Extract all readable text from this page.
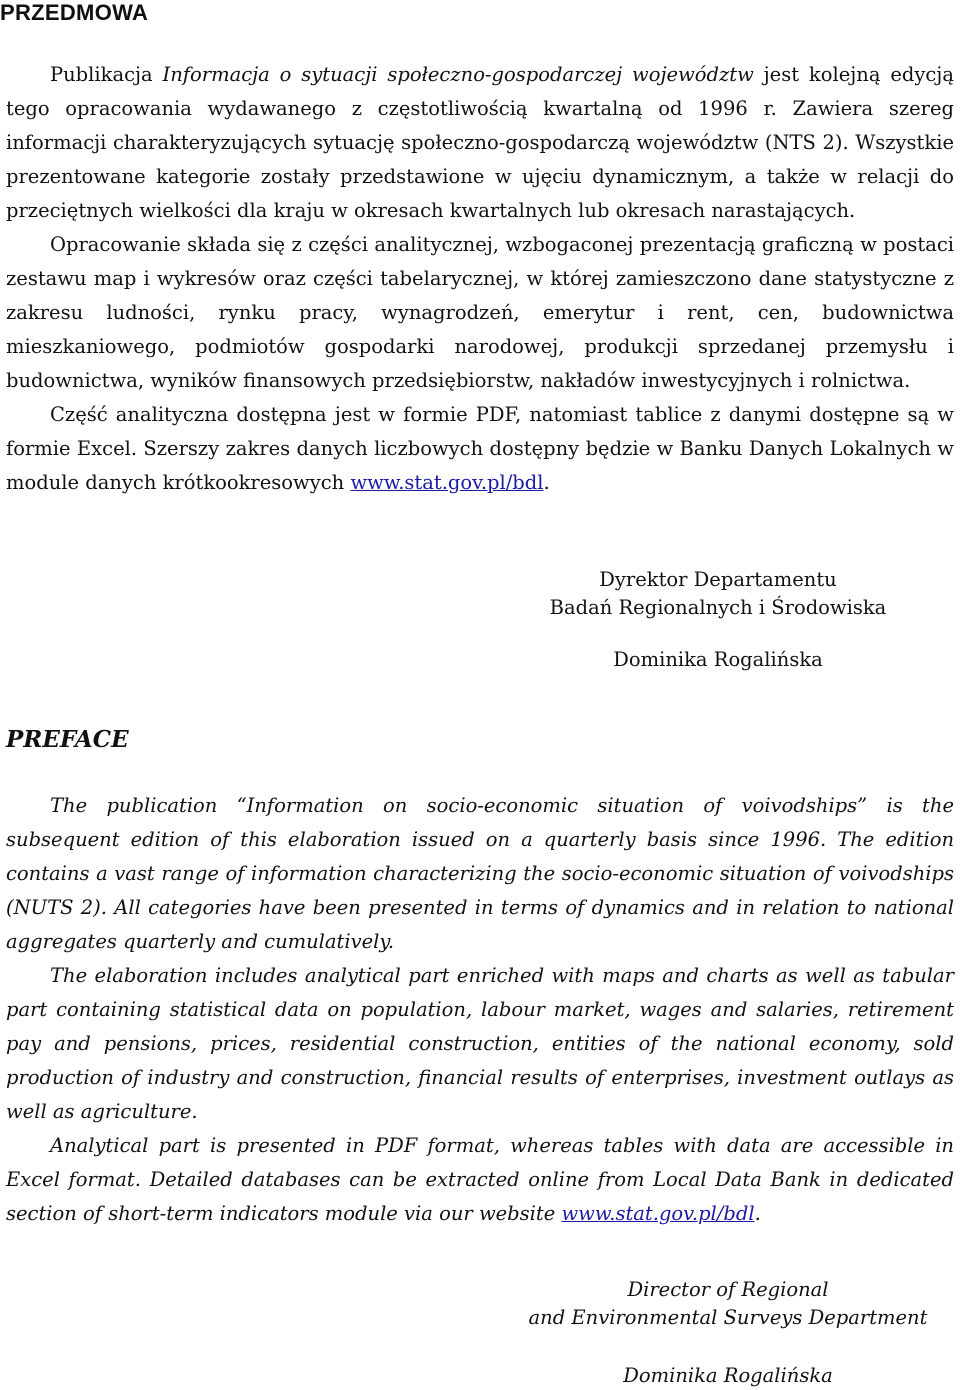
PRZEDMOWA

Publikacja Informacja o sytuacji społeczno-gospodarczej województw jest kolejną edycją tego opracowania wydawanego z częstotliwością kwartalną od 1996 r. Zawiera szereg informacji charakteryzujących sytuację społeczno-gospodarczą województw (NTS 2). Wszystkie prezentowane kategorie zostały przedstawione w ujęciu dynamicznym, a także w relacji do przeciętnych wielkości dla kraju w okresach kwartalnych lub okresach narastających.

Opracowanie składa się z części analitycznej, wzbogaconej prezentacją graficzną w postaci zestawu map i wykresów oraz części tabelarycznej, w której zamieszczono dane statystyczne z zakresu ludności, rynku pracy, wynagrodzeń, emerytur i rent, cen, budownictwa mieszkaniowego, podmiotów gospodarki narodowej, produkcji sprzedanej przemysłu i budownictwa, wyników finansowych przedsiębiorstw, nakładów inwestycyjnych i rolnictwa.

Część analityczna dostępna jest w formie PDF, natomiast tablice z danymi dostępne są w formie Excel. Szerszy zakres danych liczbowych dostępny będzie w Banku Danych Lokalnych w module danych krótkookresowych www.stat.gov.pl/bdl.

Dyrektor Departamentu
Badań Regionalnych i Środowiska
Dominika Rogalińska
PREFACE

The publication “Information on socio-economic situation of voivodships” is the subsequent edition of this elaboration issued on a quarterly basis since 1996. The edition contains a vast range of information characterizing the socio-economic situation of voivodships (NUTS 2). All categories have been presented in terms of dynamics and in relation to national aggregates quarterly and cumulatively.

The elaboration includes analytical part enriched with maps and charts as well as tabular part containing statistical data on population, labour market, wages and salaries, retirement pay and pensions, prices, residential construction, entities of the national economy, sold production of industry and construction, financial results of enterprises, investment outlays as well as agriculture.

Analytical part is presented in PDF format, whereas tables with data are accessible in Excel format. Detailed databases can be extracted online from Local Data Bank in dedicated section of short-term indicators module via our website www.stat.gov.pl/bdl.

Director of Regional
and Environmental Surveys Department
Dominika Rogalińska
